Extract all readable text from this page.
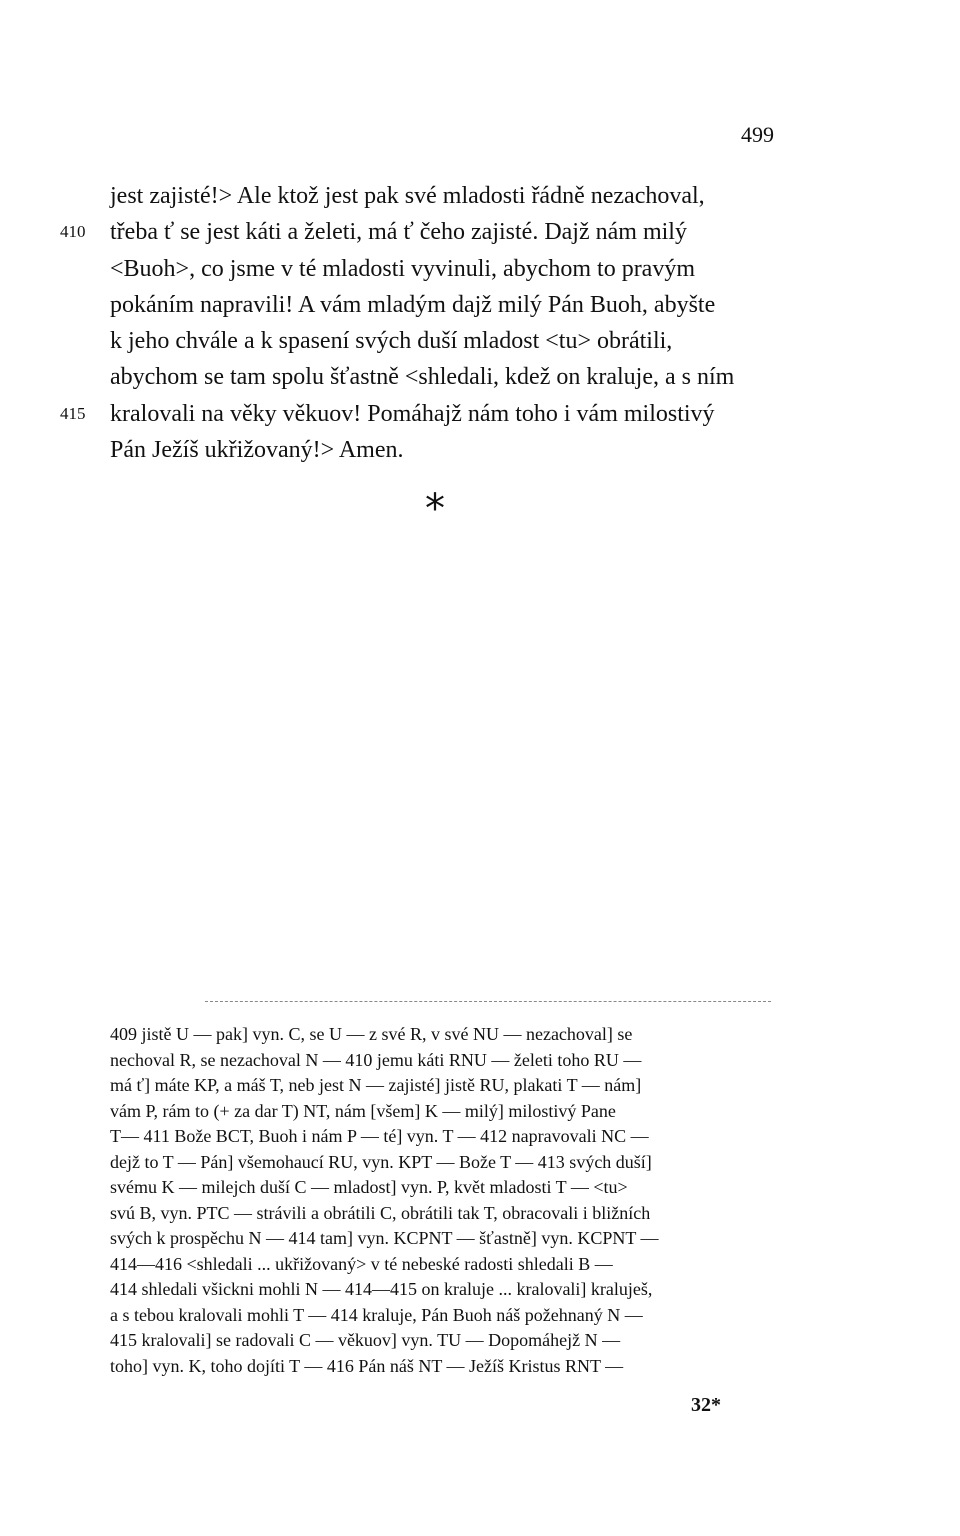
499
jest zajisté!> Ale ktož jest pak své mladosti řádně nezachoval,
410 třeba ť se jest káti a želeti, má ť čeho zajisté. Dajž nám milý
<Buoh>, co jsme v té mladosti vyvinuli, abychom to pravým
pokáním napravili! A vám mladým dajž milý Pán Buoh, abyšte
k jeho chvále a k spasení svých duší mladost <tu> obrátili,
abychom se tam spolu šťastně <shledali, kdež on kraluje, a s ním
415 kralovali na věky věkuov! Pomáhajž nám toho i vám milostivý
Pán Ježíš ukřižovaný!> Amen.
*
409 jistě U — pak] vyn. C, se U — z své R, v své NU — nezachoval] se
nechoval R, se nezachoval N — 410 jemu káti RNU — želeti toho RU —
má ť] máte KP, a máš T, neb jest N — zajisté] jistě RU, plakati T — nám]
vám P, rám to (+ za dar T) NT, nám [všem] K — milý] milostivý Pane
T— 411 Bože BCT, Buoh i nám P — té] vyn. T — 412 napravovali NC —
dejž to T — Pán] všemohaucí RU, vyn. KPT — Bože T — 413 svých duší]
svému K — milejch duší C — mladost] vyn. P, květ mladosti T — <tu>
svú B, vyn. PTC — strávili a obrátili C, obrátili tak T, obracovali i bližních
svých k prospěchu N — 414 tam] vyn. KCPNT — šťastně] vyn. KCPNT —
414—416 <shledali ... ukřižovaný> v té nebeské radosti shledali B —
414 shledali všickni mohli N — 414—415 on kraluje ... kralovali] kraluješ,
a s tebou kralovali mohli T — 414 kraluje, Pán Buoh náš požehnaný N —
415 kralovali] se radovali C — věkuov] vyn. TU — Dopomáhejž N —
toho] vyn. K, toho dojíti T — 416 Pán náš NT — Ježíš Kristus RNT —
32*
